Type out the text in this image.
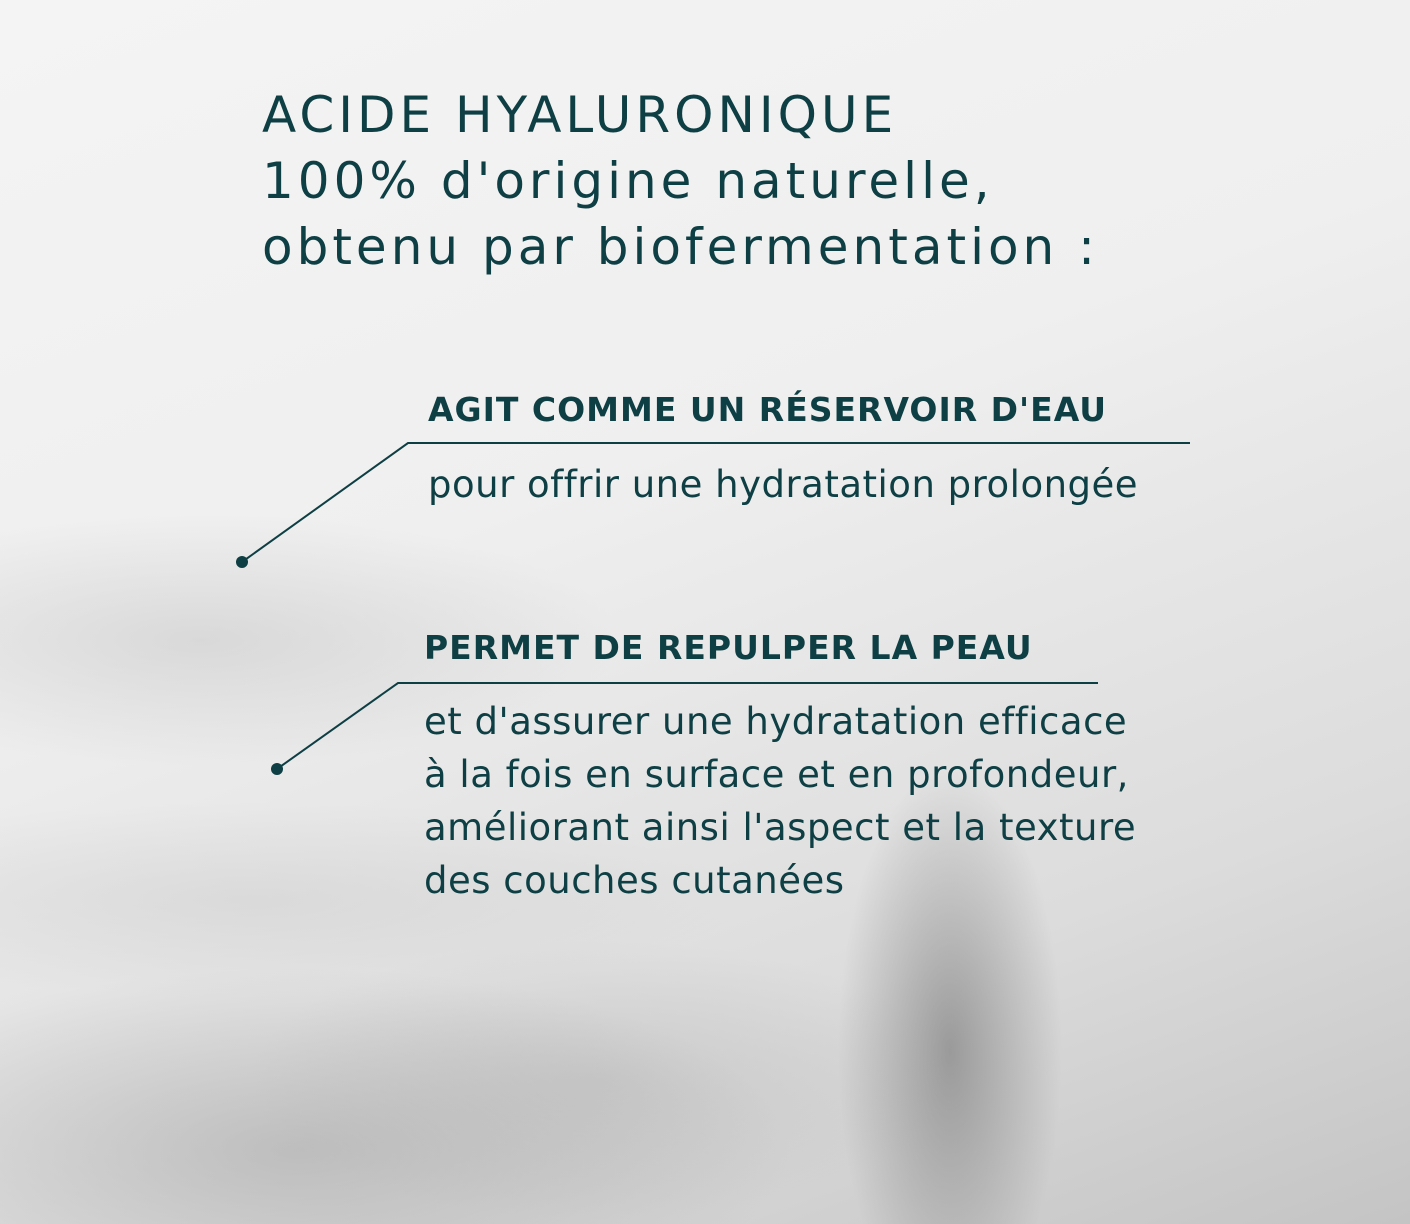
ACIDE HYALURONIQUE
100% d'origine naturelle,
obtenu par biofermentation :
AGIT COMME UN RÉSERVOIR D'EAU

pour offrir une hydratation prolongée

PERMET DE REPULPER LA PEAU

et d'assurer une hydratation efficace
à la fois en surface et en profondeur,
améliorant ainsi l'aspect et la texture
des couches cutanées
